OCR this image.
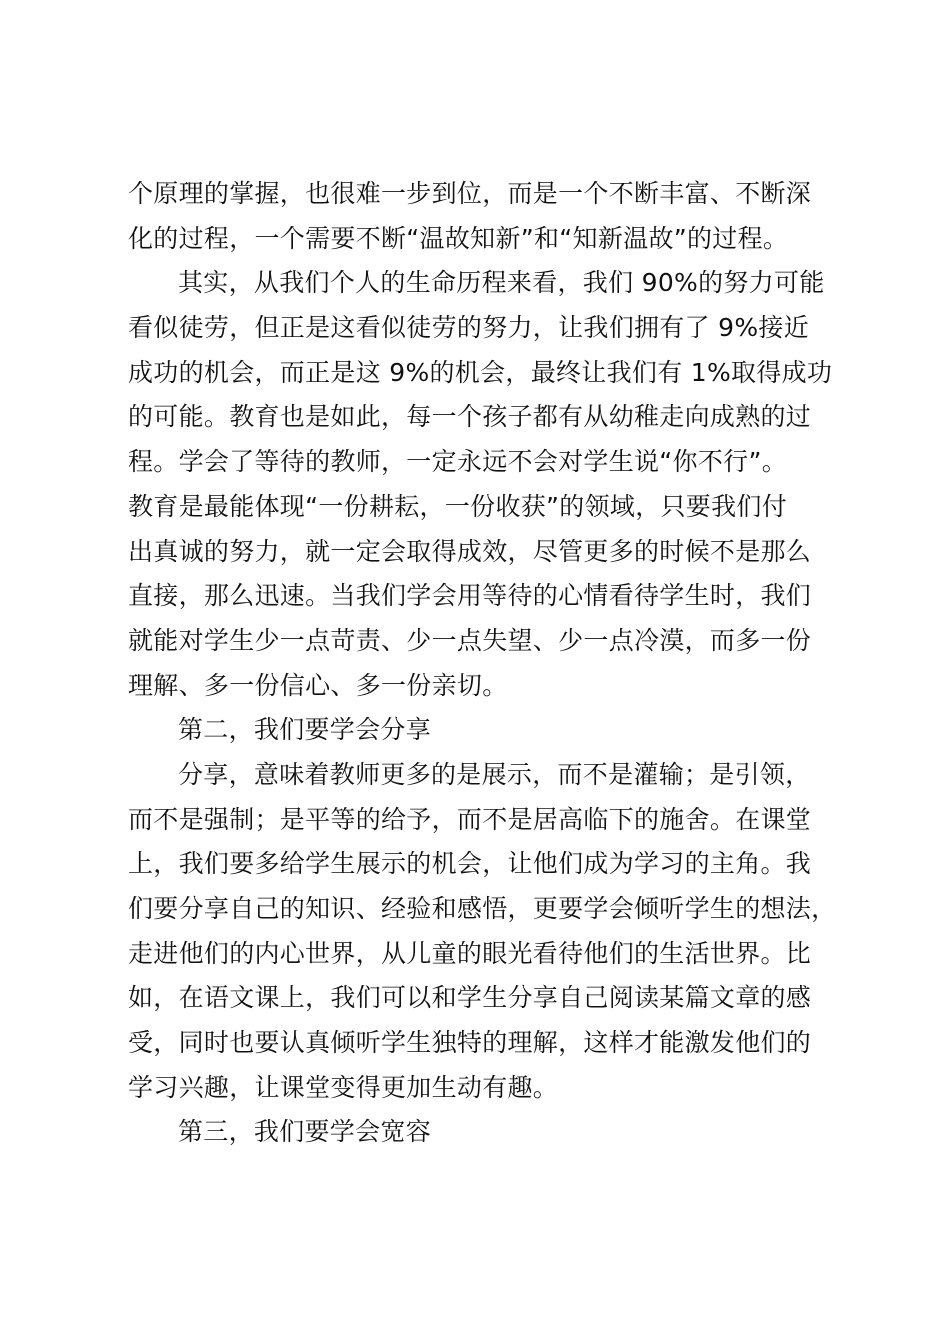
个原理的掌握，也很难一步到位，而是一个不断丰富、不断深
化的过程，一个需要不断“温故知新”和“知新温故”的过程。
其实，从我们个人的生命历程来看，我们 90%的努力可能
看似徒劳，但正是这看似徒劳的努力，让我们拥有了 9%接近
成功的机会，而正是这 9%的机会，最终让我们有 1%取得成功
的可能。教育也是如此，每一个孩子都有从幼稚走向成熟的过
程。学会了等待的教师，一定永远不会对学生说“你不行”。
教育是最能体现“一份耕耘，一份收获”的领域，只要我们付
出真诚的努力，就一定会取得成效，尽管更多的时候不是那么
直接，那么迅速。当我们学会用等待的心情看待学生时，我们
就能对学生少一点苛责、少一点失望、少一点冷漠，而多一份
理解、多一份信心、多一份亲切。
第二，我们要学会分享
分享，意味着教师更多的是展示，而不是灌输；是引领，
而不是强制；是平等的给予，而不是居高临下的施舍。在课堂
上，我们要多给学生展示的机会，让他们成为学习的主角。我
们要分享自己的知识、经验和感悟，更要学会倾听学生的想法，
走进他们的内心世界，从儿童的眼光看待他们的生活世界。比
如，在语文课上，我们可以和学生分享自己阅读某篇文章的感
受，同时也要认真倾听学生独特的理解，这样才能激发他们的
学习兴趣，让课堂变得更加生动有趣。
第三，我们要学会宽容
